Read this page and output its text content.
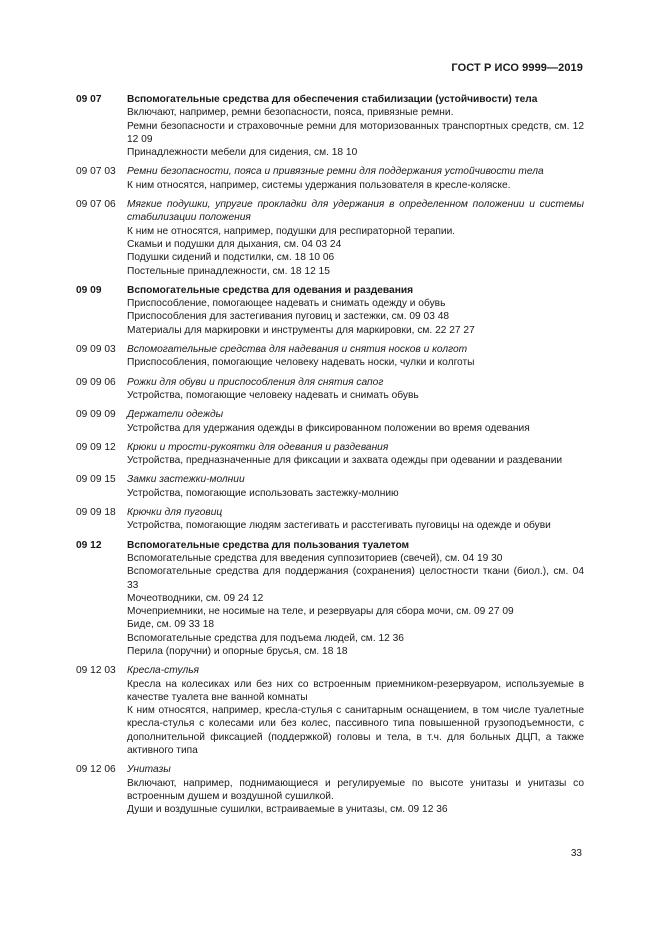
ГОСТ Р ИСО 9999—2019
09 07	Вспомогательные средства для обеспечения стабилизации (устойчивости) тела

Включают, например, ремни безопасности, пояса, привязные ремни.

Ремни безопасности и страховочные ремни для моторизованных транспортных средств, см. 12 12 09

Принадлежности мебели для сидения, см. 18 10

09 07 03 Ремни безопасности, пояса и привязные ремни для поддержания устойчивости тела

К ним относятся, например, системы удержания пользователя в кресле-коляске.

09 07 06 Мягкие подушки, упругие прокладки для удержания в определенном положении и системы стабилизации положения

К ним не относятся, например, подушки для респираторной терапии.

Скамьи и подушки для дыхания, см. 04 03 24

Подушки сидений и подстилки, см. 18 10 06

Постельные принадлежности, см. 18 12 15

09 09	Вспомогательные средства для одевания и раздевания

Приспособление, помогающее надевать и снимать одежду и обувь

Приспособления для застегивания пуговиц и застежки, см. 09 03 48

Материалы для маркировки и инструменты для маркировки, см. 22 27 27

09 09 03 Вспомогательные средства для надевания и снятия носков и колгот

Приспособления, помогающие человеку надевать носки, чулки и колготы

09 09 06 Рожки для обуви и приспособления для снятия сапог

Устройства, помогающие человеку надевать и снимать обувь

09 09 09 Держатели одежды

Устройства для удержания одежды в фиксированном положении во время одевания

09 09 12 Крюки и трости-рукоятки для одевания и раздевания

Устройства, предназначенные для фиксации и захвата одежды при одевании и раздевании

09 09 15 Замки застежки-молнии

Устройства, помогающие использовать застежку-молнию

09 09 18 Крючки для пуговиц

Устройства, помогающие людям застегивать и расстегивать пуговицы на одежде и обуви

09 12	Вспомогательные средства для пользования туалетом

Вспомогательные средства для введения суппозиториев (свечей), см. 04 19 30

Вспомогательные средства для поддержания (сохранения) целостности ткани (биол.), см. 04 33

Мочеотводники, см. 09 24 12

Мочеприемники, не носимые на теле, и резервуары для сбора мочи, см. 09 27 09

Биде, см. 09 33 18

Вспомогательные средства для подъема людей, см. 12 36

Перила (поручни) и опорные брусья, см. 18 18

09 12 03 Кресла-стулья

Кресла на колесиках или без них со встроенным приемником-резервуаром, используемые в качестве туалета вне ванной комнаты

К ним относятся, например, кресла-стулья с санитарным оснащением, в том числе туалетные кресла-стулья с колесами или без колес, пассивного типа повышенной грузоподъемности, с дополнительной фиксацией (поддержкой) головы и тела, в т.ч. для больных ДЦП, а также активного типа

09 12 06 Унитазы

Включают, например, поднимающиеся и регулируемые по высоте унитазы и унитазы со встроенным душем и воздушной сушилкой.

Души и воздушные сушилки, встраиваемые в унитазы, см. 09 12 36

33
